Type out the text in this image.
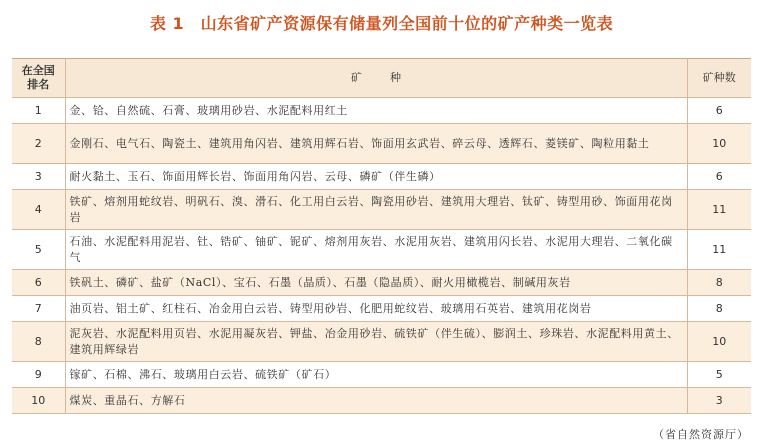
表 1　山东省矿产资源保有储量列全国前十位的矿产种类一览表
在全国
排名	矿种	矿种数
1	金、铪、自然硫、石膏、玻璃用砂岩、水泥配料用红土	6
2	金刚石、电气石、陶瓷土、建筑用角闪岩、建筑用辉石岩、饰面用玄武岩、碎云母、透辉石、菱镁矿、陶粒用黏土	10
3	耐火黏土、玉石、饰面用辉长岩、饰面用角闪岩、云母、磷矿（伴生磷）	6
4	铁矿、熔剂用蛇纹岩、明矾石、溴、滑石、化工用白云岩、陶瓷用砂岩、建筑用大理岩、钛矿、铸型用砂、饰面用花岗岩	11
5	石油、水泥配料用泥岩、钍、锆矿、铀矿、铌矿、熔剂用灰岩、水泥用灰岩、建筑用闪长岩、水泥用大理岩、二氧化碳气	11
6	铁矾土、磷矿、盐矿（NaCl）、宝石、石墨（晶质）、石墨（隐晶质）、耐火用橄榄岩、制碱用灰岩	8
7	油页岩、铝土矿、红柱石、冶金用白云岩、铸型用砂岩、化肥用蛇纹岩、玻璃用石英岩、建筑用花岗岩	8
8	泥灰岩、水泥配料用页岩、水泥用凝灰岩、钾盐、冶金用砂岩、硫铁矿（伴生硫）、膨润土、珍珠岩、水泥配料用黄土、建筑用辉绿岩	10
9	镓矿、石棉、沸石、玻璃用白云岩、硫铁矿（矿石）	5
10	煤炭、重晶石、方解石	3
（省自然资源厅）
